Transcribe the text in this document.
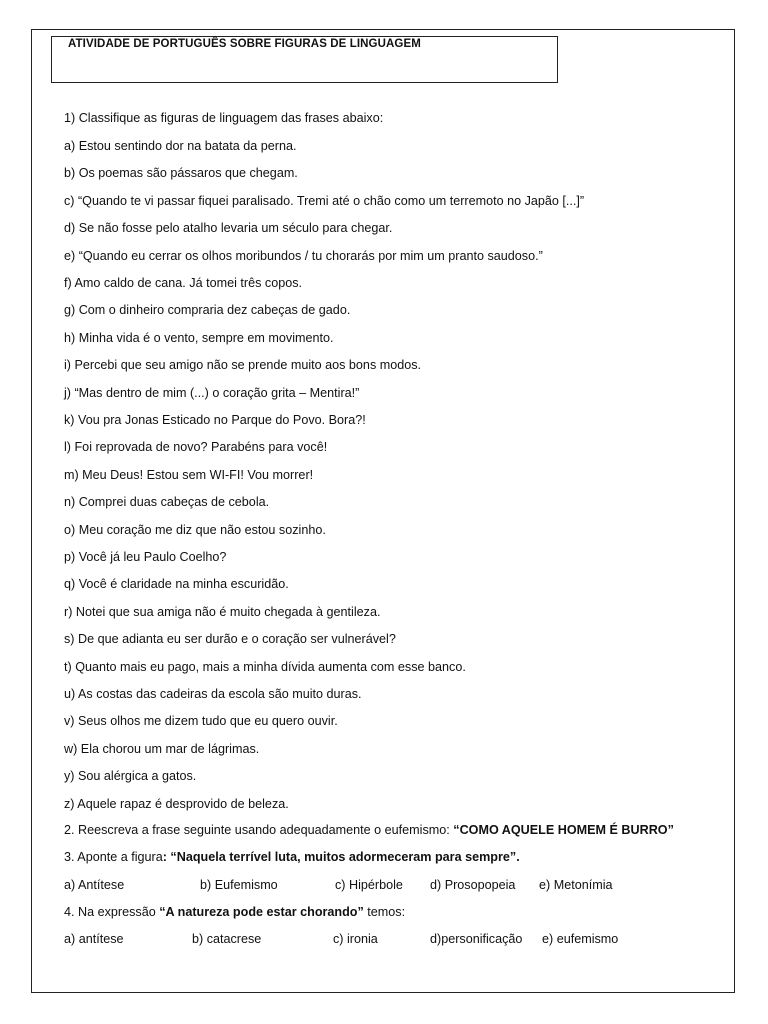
ATIVIDADE DE PORTUGUÊS SOBRE FIGURAS DE LINGUAGEM
1) Classifique as figuras de linguagem das frases abaixo:
a) Estou sentindo dor na batata da perna.
b) Os poemas são pássaros que chegam.
c) “Quando te vi passar fiquei paralisado. Tremi até o chão como um terremoto no Japão [...]”
d) Se não fosse pelo atalho levaria um século para chegar.
e) “Quando eu cerrar os olhos moribundos / tu chorarás por mim um pranto saudoso.”
f) Amo caldo de cana. Já tomei três copos.
g) Com o dinheiro compraria dez cabeças de gado.
h) Minha vida é o vento, sempre em movimento.
i) Percebi que seu amigo não se prende muito aos bons modos.
j) “Mas dentro de mim (...) o coração grita – Mentira!”
k) Vou pra Jonas Esticado no Parque do Povo. Bora?!
l) Foi reprovada de novo? Parabéns para você!
m) Meu Deus! Estou sem WI-FI! Vou morrer!
n) Comprei duas cabeças de cebola.
o) Meu coração me diz que não estou sozinho.
p) Você já leu Paulo Coelho?
q) Você é claridade na minha escuridão.
r) Notei que sua amiga não é muito chegada à gentileza.
s) De que adianta eu ser durão e o coração ser vulnerável?
t) Quanto mais eu pago, mais a minha dívida aumenta com esse banco.
u) As costas das cadeiras da escola são muito duras.
v) Seus olhos me dizem tudo que eu quero ouvir.
w) Ela chorou um mar de lágrimas.
y) Sou alérgica a gatos.
z) Aquele rapaz é desprovido de beleza.
2. Reescreva a frase seguinte usando adequadamente o eufemismo: “COMO AQUELE HOMEM É BURRO”
3. Aponte a figura: “Naquela terrível luta, muitos adormeceram para sempre”.
a) Antítese	b) Eufemismo	c) Hipérbole d) Prosopopeia e) Metonímia
4. Na expressão “A natureza pode estar chorando” temos:
a) antítese	b) catacrese	c) ironia	d)personificação e) eufemismo
